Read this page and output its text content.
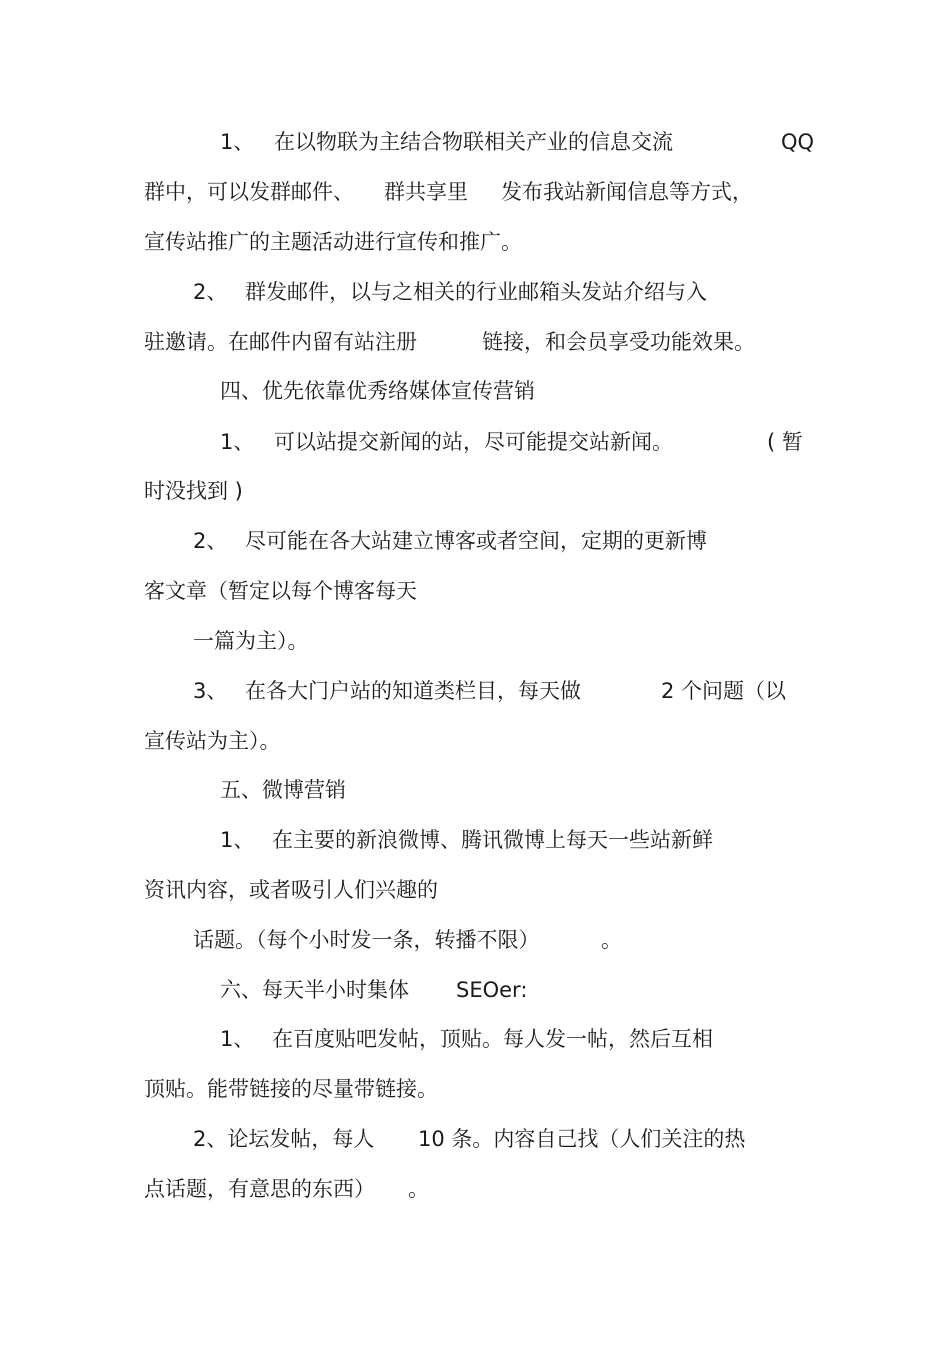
1、 在以物联为主结合物联相关产业的信息交流	QQ
群中，可以发群邮件、 群共享里 发布我站新闻信息等方式，
宣传站推广的主题活动进行宣传和推广。
2、 群发邮件，以与之相关的行业邮箱头发站介绍与入
驻邀请。在邮件内留有站注册	链接，和会员享受功能效果。
四、优先依靠优秀络媒体宣传营销
1、 可以站提交新闻的站，尽可能提交站新闻。	( 暂
时没找到 )
2、 尽可能在各大站建立博客或者空间，定期的更新博
客文章（暂定以每个博客每天
一篇为主）。
3、 在各大门户站的知道类栏目，每天做	2 个问题（以
宣传站为主）。
五、微博营销
1、 在主要的新浪微博、腾讯微博上每天一些站新鲜
资讯内容，或者吸引人们兴趣的
话题。（每个小时发一条，转播不限）	。
六、每天半小时集体 SEOer:
1、 在百度贴吧发帖，顶贴。每人发一帖，然后互相
顶贴。能带链接的尽量带链接。
2、论坛发帖，每人 10 条。内容自己找（人们关注的热
点话题，有意思的东西） 。
